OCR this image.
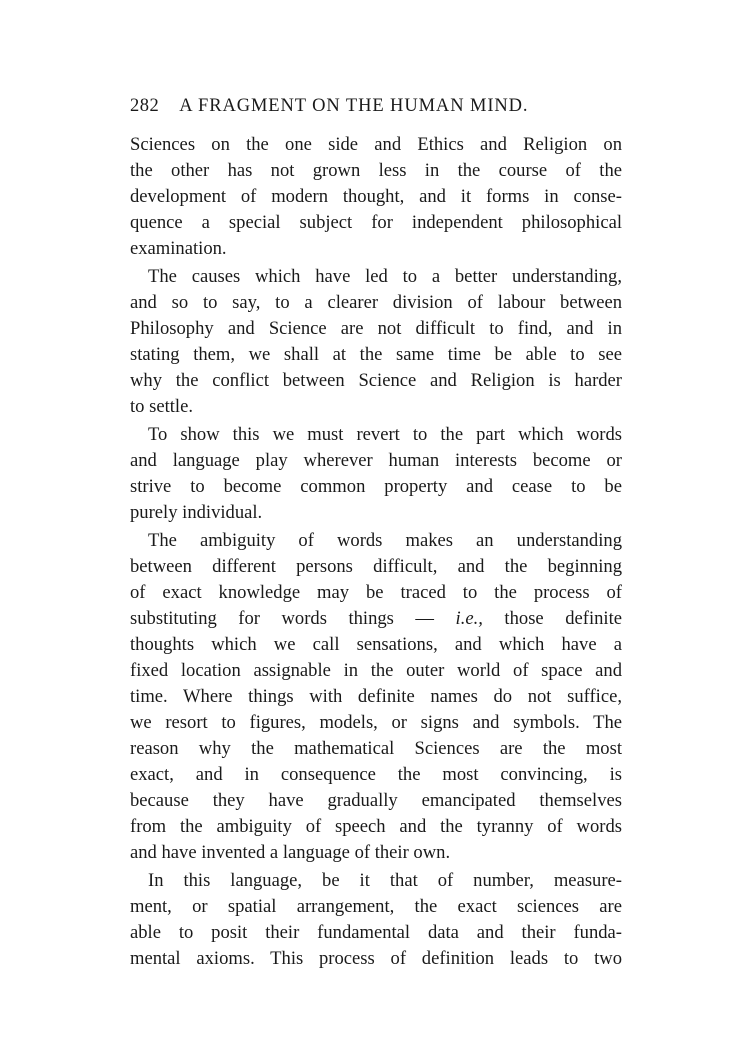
282 A FRAGMENT ON THE HUMAN MIND.

Sciences on the one side and Ethics and Religion on
the other has not grown less in the course of the
development of modern thought, and it forms in conse-
quence a special subject for independent philosophical
examination.

The causes which have led to a better understanding,
and so to say, to a clearer division of labour between
Philosophy and Science are not difficult to find, and in
stating them, we shall at the same time be able to see
why the conflict between Science and Religion is harder
to settle.

To show this we must revert to the part which words
and language play wherever human interests become or
strive to become common property and cease to be
purely individual.

The ambiguity of words makes an understanding
between different persons difficult, and the beginning
of exact knowledge may be traced to the process of
substituting for words things — i.e., those definite
thoughts which we call sensations, and which have a
fixed location assignable in the outer world of space and
time. Where things with definite names do not suffice,
we resort to figures, models, or signs and symbols. The
reason why the mathematical Sciences are the most
exact, and in consequence the most convincing, is
because they have gradually emancipated themselves
from the ambiguity of speech and the tyranny of words
and have invented a language of their own.

In this language, be it that of number, measure-
ment, or spatial arrangement, the exact sciences are
able to posit their fundamental data and their funda-
mental axioms. This process of definition leads to two
